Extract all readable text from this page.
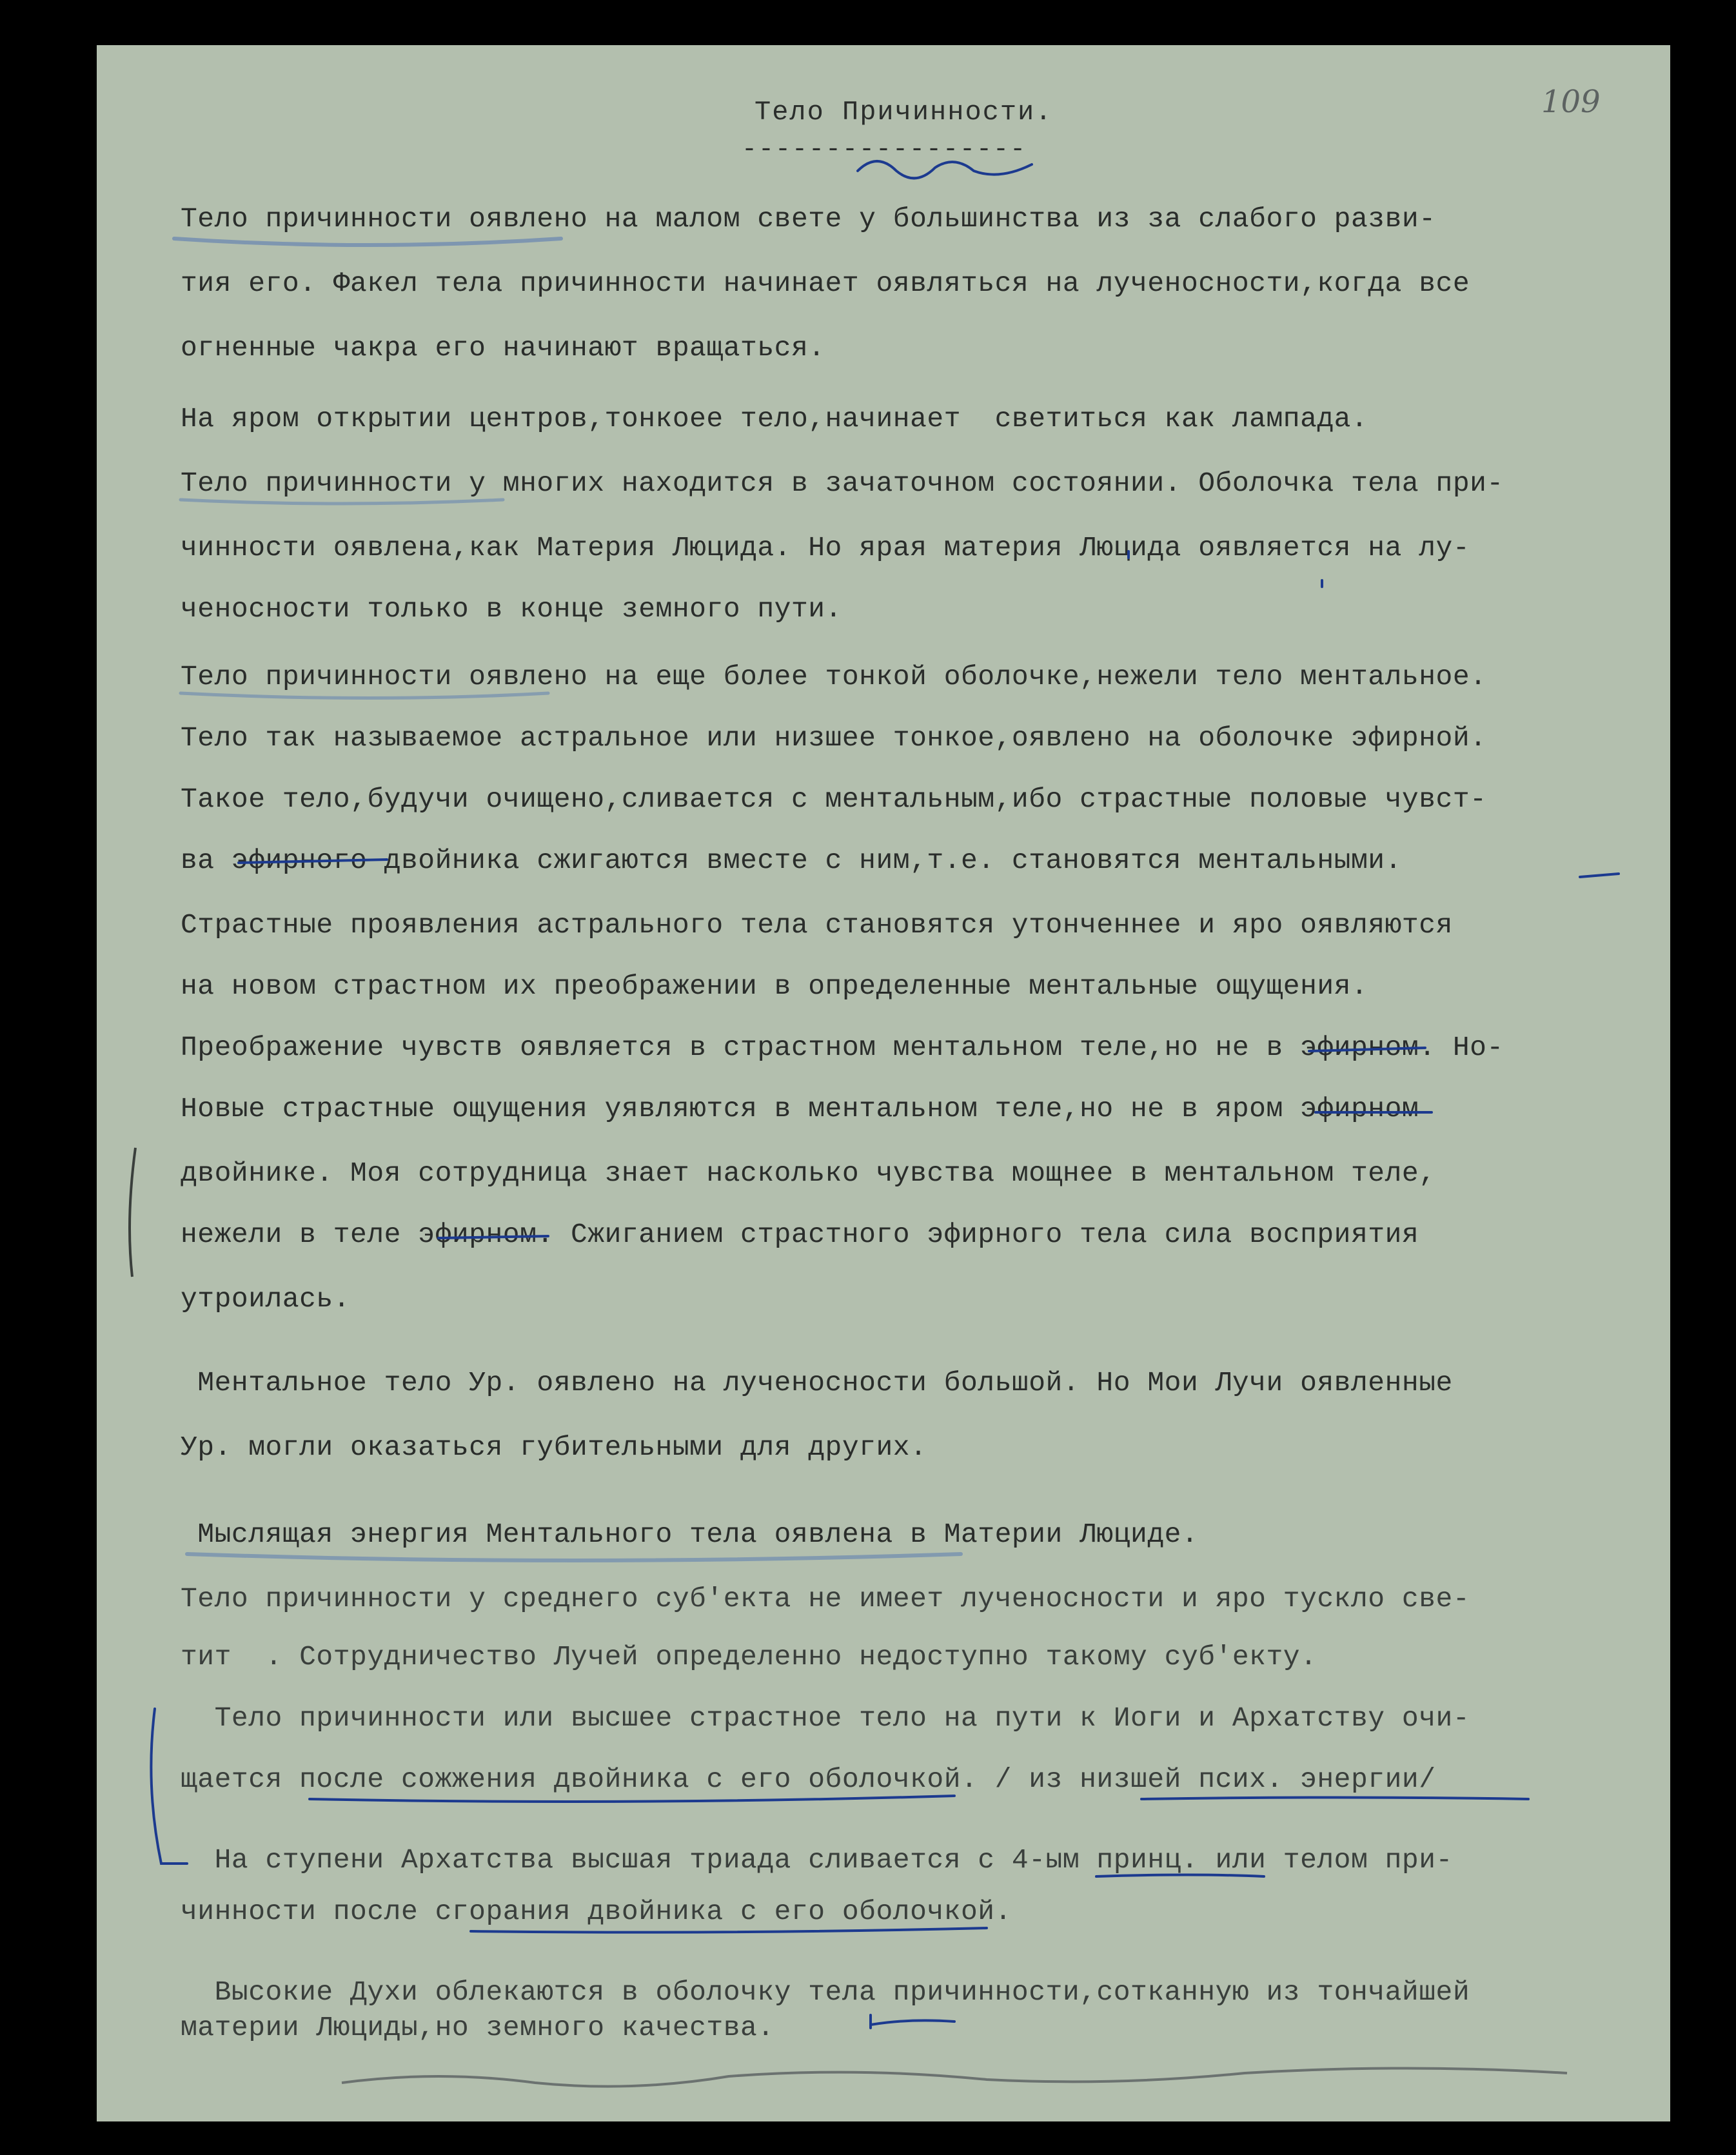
Тело Причинности.
-----------------
109
Тело причинности оявлено на малом свете у большинства из за слабого разви-
тия его. Факел тела причинности начинает оявляться на лученосности,когда все
огненные чакра его начинают вращаться.
На яром открытии центров,тонкоее тело,начинает  светиться как лампада.
Тело причинности у многих находится в зачаточном состоянии. Оболочка тела при-
чинности оявлена,как Материя Люцида. Но ярая материя Люцида оявляется на лу-
ченосности только в конце земного пути.
Тело причинности оявлено на еще более тонкой оболочке,нежели тело ментальное.
Тело так называемое астральное или низшее тонкое,оявлено на оболочке эфирной.
Такое тело,будучи очищено,сливается с ментальным,ибо страстные половые чувст-
ва эфирного двойника сжигаются вместе с ним,т.е. становятся ментальными.
Страстные проявления астрального тела становятся утонченнее и яро оявляются
на новом страстном их преображении в определенные ментальные ощущения.
Преображение чувств оявляется в страстном ментальном теле,но не в эфирном. Но-
Новые страстные ощущения уявляются в ментальном теле,но не в яром эфирном
двойнике. Моя сотрудница знает насколько чувства мощнее в ментальном теле,
нежели в теле эфирном. Сжиганием страстного эфирного тела сила восприятия
утроилась.
Ментальное тело Ур. оявлено на лученосности большой. Но Мои Лучи оявленные
Ур. могли оказаться губительными для других.
Мыслящая энергия Ментального тела оявлена в Материи Люциде.
Тело причинности у среднего суб'екта не имеет лученосности и яро тускло све-
тит  . Сотрудничество Лучей определенно недоступно такому суб'екту.
Тело причинности или высшее страстное тело на пути к Иоги и Архатству очи-
щается после сожжения двойника с его оболочкой. / из низшей псих. энергии/
На ступени Архатства высшая триада сливается с 4-ым принц. или телом при-
чинности после сгорания двойника с его оболочкой.
Высокие Духи облекаются в оболочку тела причинности,сотканную из тончайшей
материи Люциды,но земного качества.
